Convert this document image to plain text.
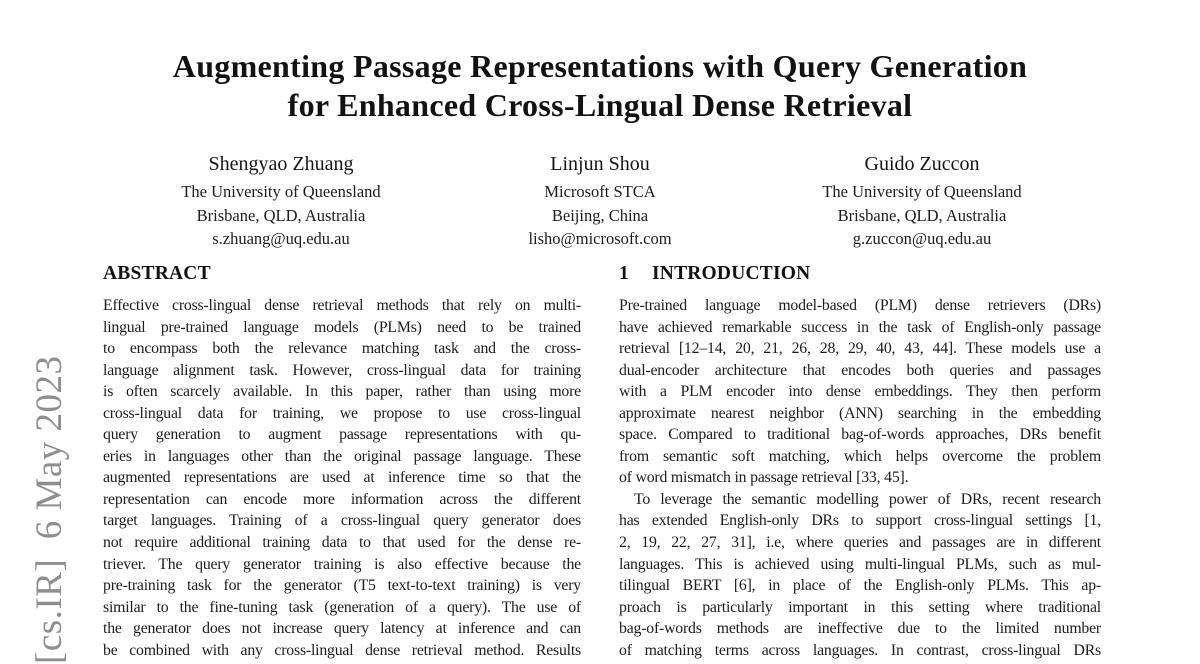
[cs.IR]  6 May 2023
Augmenting Passage Representations with Query Generation
for Enhanced Cross-Lingual Dense Retrieval
Shengyao Zhuang
The University of Queensland
Brisbane, QLD, Australia
s.zhuang@uq.edu.au
Linjun Shou
Microsoft STCA
Beijing, China
lisho@microsoft.com
Guido Zuccon
The University of Queensland
Brisbane, QLD, Australia
g.zuccon@uq.edu.au
ABSTRACT
Effective cross-lingual dense retrieval methods that rely on multi-
lingual pre-trained language models (PLMs) need to be trained
to encompass both the relevance matching task and the cross-
language alignment task. However, cross-lingual data for training
is often scarcely available. In this paper, rather than using more
cross-lingual data for training, we propose to use cross-lingual
query generation to augment passage representations with qu-
eries in languages other than the original passage language. These
augmented representations are used at inference time so that the
representation can encode more information across the different
target languages. Training of a cross-lingual query generator does
not require additional training data to that used for the dense re-
triever. The query generator training is also effective because the
pre-training task for the generator (T5 text-to-text training) is very
similar to the fine-tuning task (generation of a query). The use of
the generator does not increase query latency at inference and can
be combined with any cross-lingual dense retrieval method. Results
1 INTRODUCTION
Pre-trained language model-based (PLM) dense retrievers (DRs)
have achieved remarkable success in the task of English-only passage
retrieval [12–14, 20, 21, 26, 28, 29, 40, 43, 44]. These models use a
dual-encoder architecture that encodes both queries and passages
with a PLM encoder into dense embeddings. They then perform
approximate nearest neighbor (ANN) searching in the embedding
space. Compared to traditional bag-of-words approaches, DRs benefit
from semantic soft matching, which helps overcome the problem
of word mismatch in passage retrieval [33, 45].
To leverage the semantic modelling power of DRs, recent research
has extended English-only DRs to support cross-lingual settings [1,
2, 19, 22, 27, 31], i.e, where queries and passages are in different
languages. This is achieved using multi-lingual PLMs, such as mul-
tilingual BERT [6], in place of the English-only PLMs. This ap-
proach is particularly important in this setting where traditional
bag-of-words methods are ineffective due to the limited number
of matching terms across languages. In contrast, cross-lingual DRs
